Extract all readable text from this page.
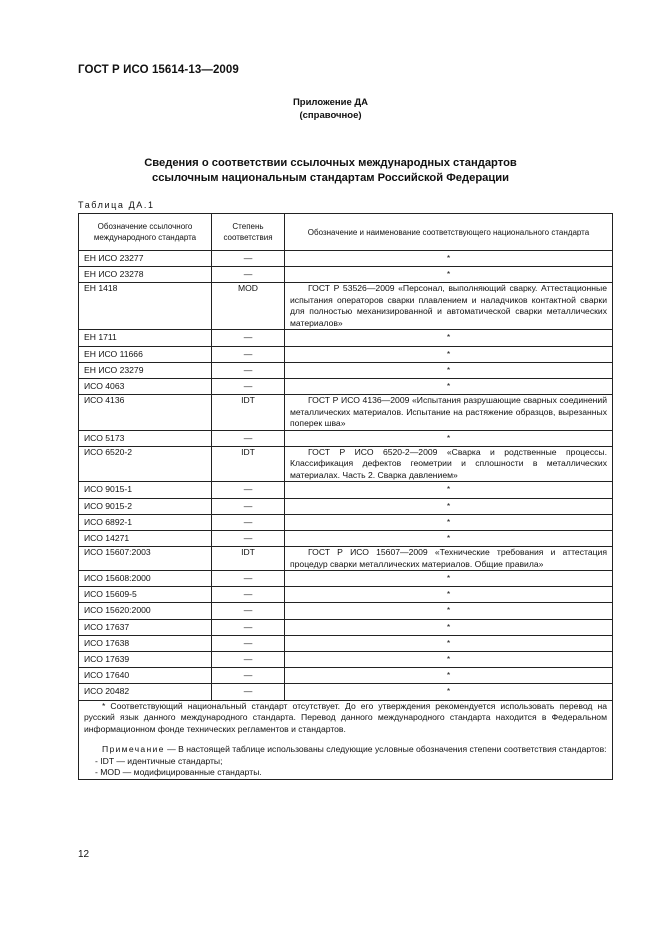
ГОСТ Р ИСО 15614-13—2009
Приложение ДА
(справочное)
Сведения о соответствии ссылочных международных стандартов
ссылочным национальным стандартам Российской Федерации
Таблица ДА.1
Обозначение ссылочного международного стандарта	Степень соответствия	Обозначение и наименование соответствующего национального стандарта
ЕН ИСО 23277	—	*
ЕН ИСО 23278	—	*
ЕН 1418	MOD	ГОСТ Р 53526—2009 «Персонал, выполняющий сварку. Аттестационные испытания операторов сварки плавлением и наладчиков контактной сварки для полностью механизированной и автоматической сварки металлических материалов»
ЕН 1711	—	*
ЕН ИСО 11666	—	*
ЕН ИСО 23279	—	*
ИСО 4063	—	*
ИСО 4136	IDT	ГОСТ Р ИСО 4136—2009 «Испытания разрушающие сварных соединений металлических материалов. Испытание на растяжение образцов, вырезанных поперек шва»
ИСО 5173	—	*
ИСО 6520-2	IDT	ГОСТ Р ИСО 6520-2—2009 «Сварка и родственные процессы. Классификация дефектов геометрии и сплошности в металлических материалах. Часть 2. Сварка давлением»
ИСО 9015-1	—	*
ИСО 9015-2	—	*
ИСО 6892-1	—	*
ИСО 14271	—	*
ИСО 15607:2003	IDT	ГОСТ Р ИСО 15607—2009 «Технические требования и аттестация процедур сварки металлических материалов. Общие правила»
ИСО 15608:2000	—	*
ИСО 15609-5	—	*
ИСО 15620:2000	—	*
ИСО 17637	—	*
ИСО 17638	—	*
ИСО 17639	—	*
ИСО 17640	—	*
ИСО 20482	—	*

* Соответствующий национальный стандарт отсутствует. До его утверждения рекомендуется использовать перевод на русский язык данного международного стандарта. Перевод данного международного стандарта находится в Федеральном информационном фонде технических регламентов и стандартов.

Примечание — В настоящей таблице использованы следующие условные обозначения степени соответствия стандартов:

- IDT — идентичные стандарты;

- MOD — модифицированные стандарты.		

12
